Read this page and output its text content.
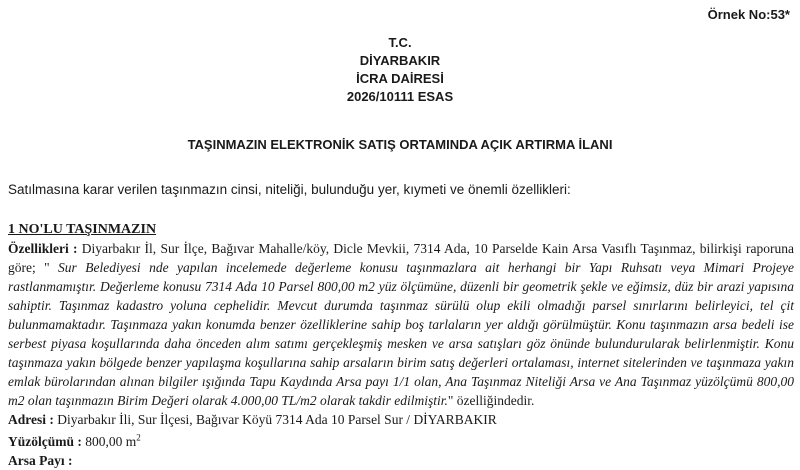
Örnek No:53*
T.C.
DİYARBAKIR
İCRA DAİRESİ
2026/10111 ESAS
TAŞINMAZIN ELEKTRONİK SATIŞ ORTAMINDA AÇIK ARTIRMA İLANI
Satılmasına karar verilen taşınmazın cinsi, niteliği, bulunduğu yer, kıymeti ve önemli özellikleri:
1 NO'LU TAŞINMAZIN
Özellikleri : Diyarbakır İl, Sur İlçe, Bağıvar Mahalle/köy, Dicle Mevkii, 7314 Ada, 10 Parselde Kain Arsa Vasıflı Taşınmaz, bilirkişi raporuna göre; " Sur Belediyesi nde yapılan incelemede değerleme konusu taşınmazlara ait herhangi bir Yapı Ruhsatı veya Mimari Projeye rastlanmamıştır. Değerleme konusu 7314 Ada 10 Parsel 800,00 m2 yüz ölçümüne, düzenli bir geometrik şekle ve eğimsiz, düz bir arazi yapısına sahiptir. Taşınmaz kadastro yoluna cephelidir. Mevcut durumda taşınmaz sürülü olup ekili olmadığı parsel sınırlarını belirleyici, tel çit bulunmamaktadır. Taşınmaza yakın konumda benzer özelliklerine sahip boş tarlaların yer aldığı görülmüştür. Konu taşınmazın arsa bedeli ise serbest piyasa koşullarında daha önceden alım satımı gerçekleşmiş mesken ve arsa satışları göz önünde bulundurularak belirlenmiştir. Konu taşınmaza yakın bölgede benzer yapılaşma koşullarına sahip arsaların birim satış değerleri ortalaması, internet sitelerinden ve taşınmaza yakın emlak bürolarından alınan bilgiler ışığında Tapu Kaydında Arsa payı 1/1 olan, Ana Taşınmaz Niteliği Arsa ve Ana Taşınmaz yüzölçümü 800,00 m2 olan taşınmazın Birim Değeri olarak 4.000,00 TL/m2 olarak takdir edilmiştir." özelliğindedir.
Adresi : Diyarbakır İli, Sur İlçesi, Bağıvar Köyü 7314 Ada 10 Parsel Sur / DİYARBAKIR
Yüzölçümü : 800,00 $m^2$
Arsa Payı :
